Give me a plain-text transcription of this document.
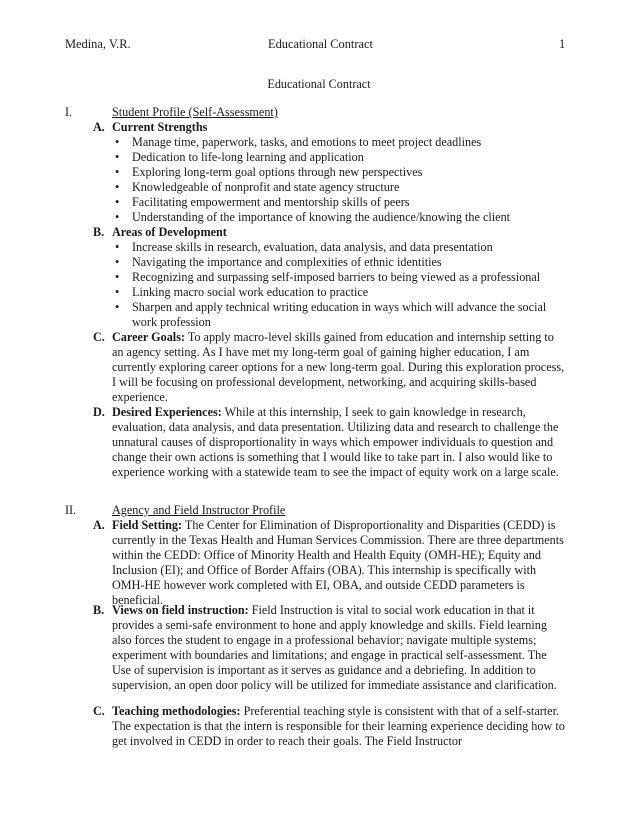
Medina, V.R.	Educational Contract	1
Educational Contract
I.	Student Profile (Self-Assessment)
A. Current Strengths
• Manage time, paperwork, tasks, and emotions to meet project deadlines
• Dedication to life-long learning and application
• Exploring long-term goal options through new perspectives
• Knowledgeable of nonprofit and state agency structure
• Facilitating empowerment and mentorship skills of peers
• Understanding of the importance of knowing the audience/knowing the client
B. Areas of Development
• Increase skills in research, evaluation, data analysis, and data presentation
• Navigating the importance and complexities of ethnic identities
• Recognizing and surpassing self-imposed barriers to being viewed as a professional
• Linking macro social work education to practice
• Sharpen and apply technical writing education in ways which will advance the social work profession
C. Career Goals: To apply macro-level skills gained from education and internship setting to an agency setting. As I have met my long-term goal of gaining higher education, I am currently exploring career options for a new long-term goal. During this exploration process, I will be focusing on professional development, networking, and acquiring skills-based experience.

D. Desired Experiences: While at this internship, I seek to gain knowledge in research, evaluation, data analysis, and data presentation. Utilizing data and research to challenge the unnatural causes of disproportionality in ways which empower individuals to question and change their own actions is something that I would like to take part in. I also would like to experience working with a statewide team to see the impact of equity work on a large scale.

II.	Agency and Field Instructor Profile
A. Field Setting: The Center for Elimination of Disproportionality and Disparities (CEDD) is currently in the Texas Health and Human Services Commission. There are three departments within the CEDD: Office of Minority Health and Health Equity (OMH-HE); Equity and Inclusion (EI); and Office of Border Affairs (OBA). This internship is specifically with OMH-HE however work completed with EI, OBA, and outside CEDD parameters is beneficial.

B. Views on field instruction: Field Instruction is vital to social work education in that it provides a semi-safe environment to hone and apply knowledge and skills. Field learning also forces the student to engage in a professional behavior; navigate multiple systems; experiment with boundaries and limitations; and engage in practical self-assessment. The Use of supervision is important as it serves as guidance and a debriefing. In addition to supervision, an open door policy will be utilized for immediate assistance and clarification.

C. Teaching methodologies: Preferential teaching style is consistent with that of a self-starter. The expectation is that the intern is responsible for their learning experience deciding how to get involved in CEDD in order to reach their goals. The Field Instructor
